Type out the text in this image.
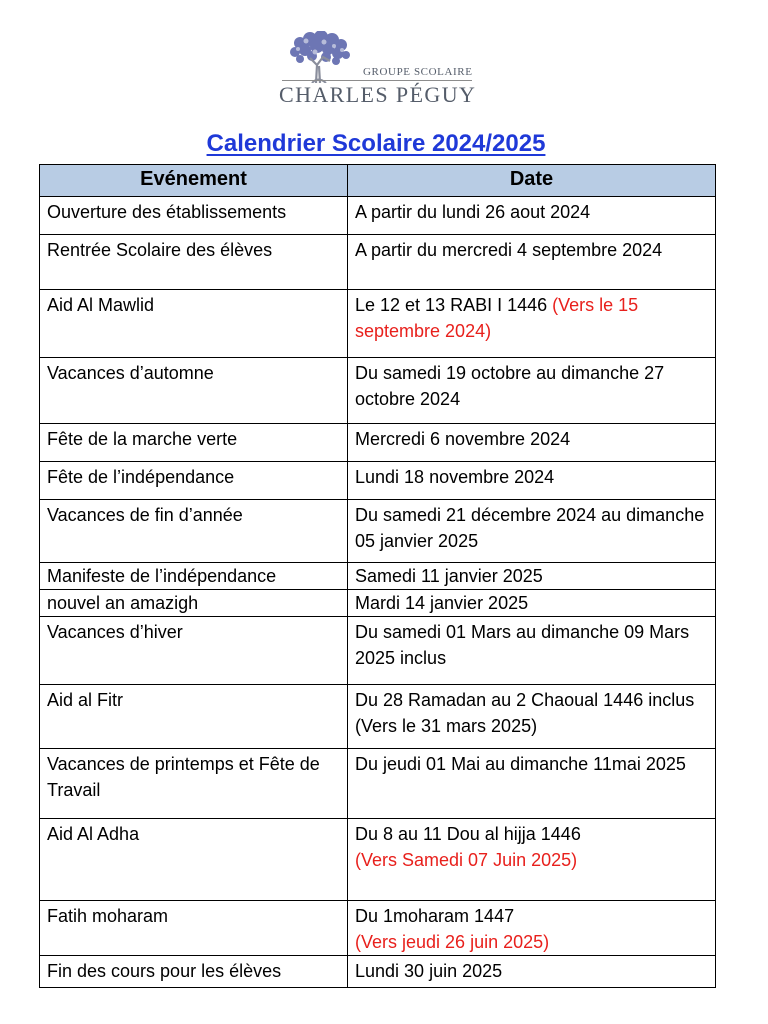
GROUPE SCOLAIRE
CHARLES PÉGUY
Calendrier Scolaire 2024/2025
Evénement	Date
Ouverture des établissements	A partir du lundi 26 aout 2024
Rentrée Scolaire des élèves	A partir du mercredi 4 septembre 2024
Aid Al Mawlid	Le 12 et 13 RABI I 1446 (Vers le 15 septembre 2024)
Vacances d’automne	Du samedi 19 octobre au dimanche 27 octobre 2024
Fête de la marche verte	Mercredi 6 novembre 2024
Fête de l’indépendance	Lundi 18 novembre 2024
Vacances de fin d’année	Du samedi 21 décembre 2024 au dimanche 05 janvier 2025
Manifeste de l’indépendance	Samedi 11 janvier 2025
nouvel an amazigh	Mardi 14 janvier 2025
Vacances d’hiver	Du samedi 01 Mars au dimanche 09 Mars 2025 inclus
Aid al Fitr	Du 28 Ramadan au 2 Chaoual 1446 inclus (Vers le 31 mars 2025)
Vacances de printemps et Fête de Travail	Du jeudi 01 Mai au dimanche 11mai 2025
Aid Al Adha	Du 8 au 11 Dou al hijja 1446
(Vers Samedi 07 Juin 2025)
Fatih moharam	Du 1moharam 1447
(Vers jeudi 26 juin 2025)
Fin des cours pour les élèves	Lundi 30 juin 2025
